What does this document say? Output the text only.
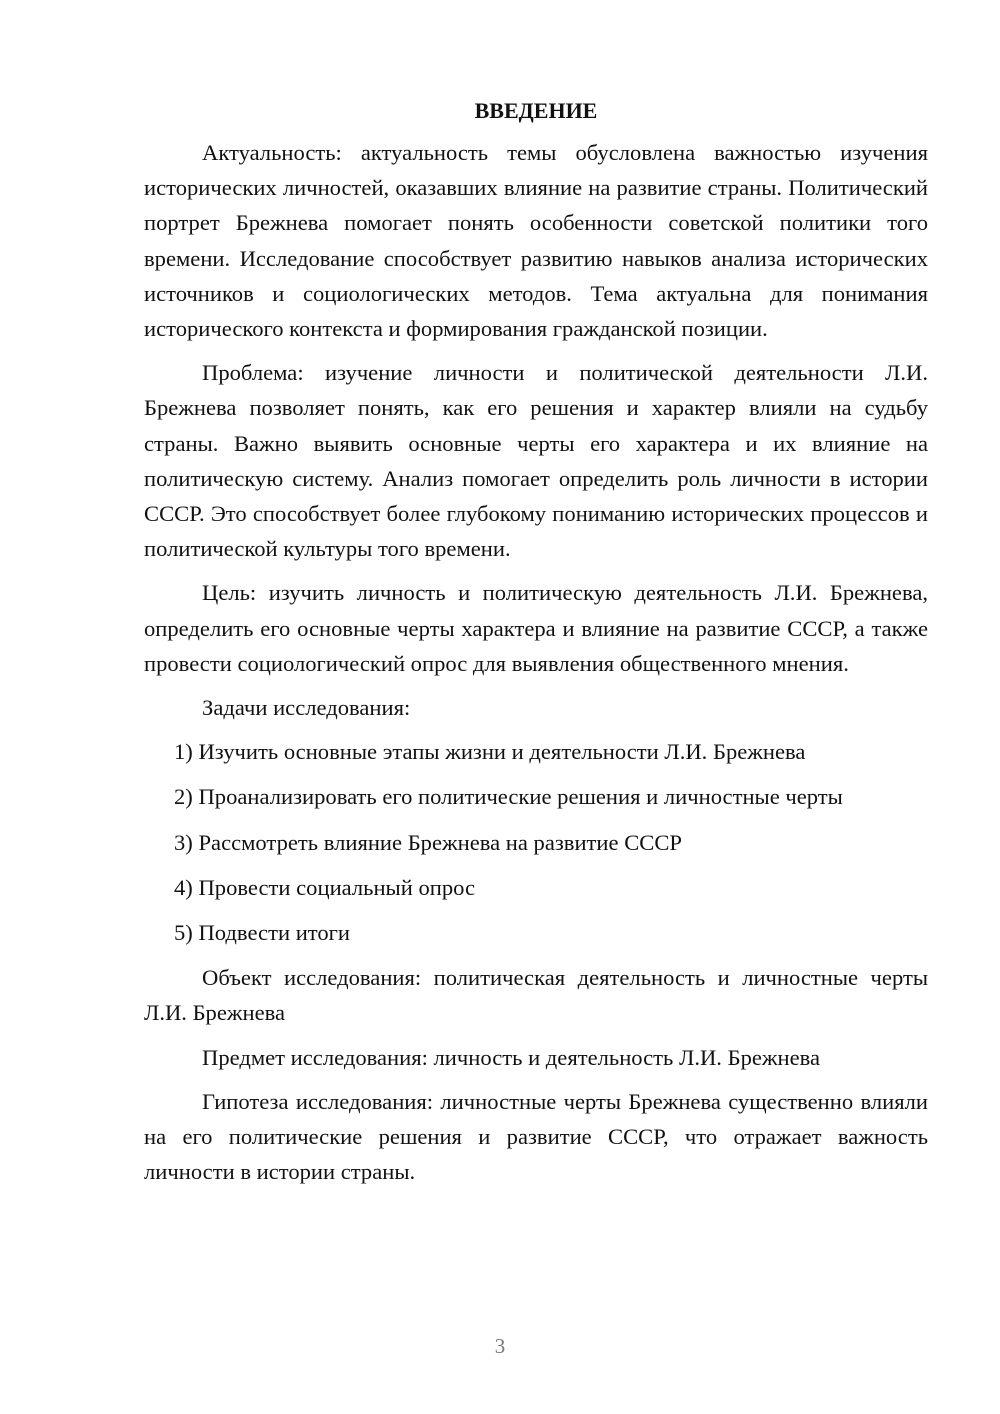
ВВЕДЕНИЕ

Актуальность: актуальность темы обусловлена важностью изучения исторических личностей, оказавших влияние на развитие страны. Политический портрет Брежнева помогает понять особенности советской политики того времени. Исследование способствует развитию навыков анализа исторических источников и социологических методов. Тема актуальна для понимания исторического контекста и формирования гражданской позиции.

Проблема: изучение личности и политической деятельности Л.И. Брежнева позволяет понять, как его решения и характер влияли на судьбу страны. Важно выявить основные черты его характера и их влияние на политическую систему. Анализ помогает определить роль личности в истории СССР. Это способствует более глубокому пониманию исторических процессов и политической культуры того времени.

Цель: изучить личность и политическую деятельность Л.И. Брежнева, определить его основные черты характера и влияние на развитие СССР, а также провести социологический опрос для выявления общественного мнения.

Задачи исследования:

1) Изучить основные этапы жизни и деятельности Л.И. Брежнева
2) Проанализировать его политические решения и личностные черты
3) Рассмотреть влияние Брежнева на развитие СССР
4) Провести социальный опрос
5) Подвести итоги

Объект исследования: политическая деятельность и личностные черты Л.И. Брежнева

Предмет исследования: личность и деятельность Л.И. Брежнева

Гипотеза исследования: личностные черты Брежнева существенно влияли на его политические решения и развитие СССР, что отражает важность личности в истории страны.

3
